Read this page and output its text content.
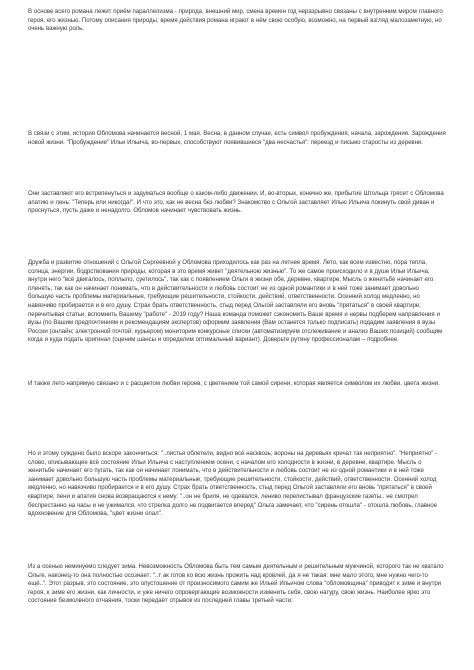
В основе всего романа лежит приём параллелизма - природа, внешний мир, смена времен год неразрывно связаны с внутренним миром главного героя, его жизнью. Потому описания природы, время действия романа играют в нём свою особую, возможно, на первый взгляд малозаметную, но очень важную роль.

В связи с этим, история Обломова начинается весной, 1 мая. Весна, в данном случае, есть символ пробуждения, начала, зарождения. Зарождения новой жизни. "Пробуждение" Ильи Ильича, во-первых, способствуют появившиеся "два несчастья": переезд и письмо старосты из деревни.

Они заставляют его встрепенуться и задуматься вообще о каком-либо движении. И, во-вторых, конечно же, прибытие Штольца трясет с Обломова апатию и лень: "Теперь или никогда!". И что это, как не весна без любви? Знакомство с Ольгой заставляет Илью Ильича покинуть свой диван и проснуться, пусть даже и ненадолго. Обломов начинает чувствовать жизнь.

Дружба и развитие отношений с Ольгой Сергеевной у Обломова приходилось как раз на летнее время. Лето, как всем известно, пора тепла, солнца, энергии, бодрствования природы, которая в это время живет "деятельною жизнью". То же самое происходило и в душе Ильи Ильича, внутри него "всё двигалось, поплыло, суетилось", так как с появлением Ольги в жизни обе, деревне, квартире. Мысль о женитьбе начинает его пленять, так как он начинает понимать, что в действительности и любовь состоит не из одной романтики и в ней тоже занимает довольно большую часть проблемы материальные, требующие решительности, стойкости, действий, ответственности. Осенний холод медленно, но навязчиво пробирается и в его душу. Страх брать ответственность, стыд перед Ольгой заставляли его вновь "прятаться" в своей квартире; перечитывая статьи, вспомнить Вашему "работе" - 2019 году? Наша команда поможет сэкономить Ваше время и нервы подберем направления и вузы (по Вашим предпочтениям и рекомендациям экспертов) оформим заявления (Вам останется только подписать) подадим заявления в вузы России (онлайн; электронной почтой; курьером) мониторим конкурсные списки (автоматизируем отслеживание и анализ Ваших позиций) сообщим когда и куда подать оригинал (оценим шансы и определим оптимальный вариант). Доверьте рутину профессионалам – подробнее.

И также лето напрямую связано и с расцветом любви героев, с цветением той самой сирени, которая является символом их любви, цвета жизни.

Но и этому суждено было вскоре закончиться: "..листья облетели, видно всё насквозь; вороны на деревьях кричат так неприятно". "Неприятно" - слово, описывающее всё состояние Ильи Ильича с наступлением осени, с началом его холодности в жизни, в деревне, квартире. Мысль о женитьбе начинает его пугать, так как он начинает понимать, что в действительности и любовь состоит не из одной романтики и в ней тоже занимает довольно большую часть проблемы материальные, требующие решительности, стойкости, действий, ответственности. Осенний холод медленно, но навязчиво пробирается и в его душу. Страх брать ответственность, стыд перед Ольгой заставляли его вновь "прятаться" в своей квартире; пени и апатия снова возвращаются к нему: "..он не бриля, не одевался, лениво перелистывал французские газеты.. не смотрел беспрестанно на часы и не ужимался, что стрелка долго не подвигается вперед" Ольга замечает, что "сирень отошла" - отошла любовь, главное вдохновение для Обломова, "цвет жизни опал".

Из а осенью неминуемо следует зима. Невозможность Обломова быть тем самым деятельным и решительным мужчиной, которого так не хватало Ольге, наконец-то она полностью осознает: "..т ак готов ко всю жизнь прожить над кровлей, да я не такая: мне мало этого, мне нужно чего-то ещё..". Этот разрыв, это состояние, это опустошение от произносимого самим же Ильей Ильичом слова "обломовщина" приводят к зиме и внутри героя, к зиме его жизни, как личности, и уже ничего опровергающие возможности изменить себя, свою натуру, свою жизнь. Наиболее ярко это состояние безмолвного отчаяния, тоски передаёт отрывок из последней главы третьей части:
